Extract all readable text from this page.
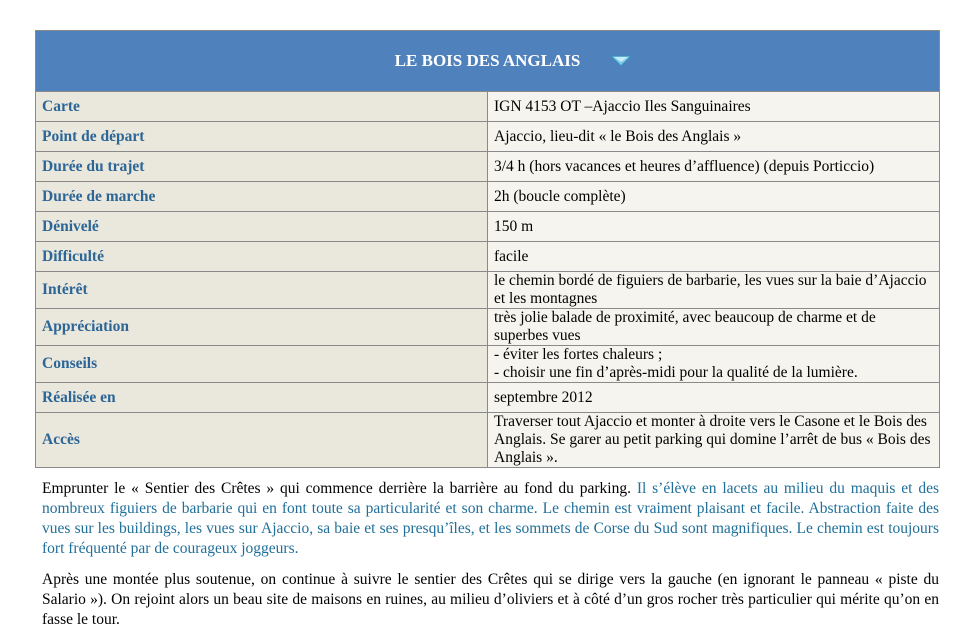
LE BOIS DES ANGLAIS	

Carte	IGN 4153 OT –Ajaccio Iles Sanguinaires
Point de départ	Ajaccio, lieu-dit « le Bois des Anglais »
Durée du trajet	3/4 h (hors vacances et heures d’affluence) (depuis Porticcio)
Durée de marche	2h (boucle complète)
Dénivelé	150 m
Difficulté	facile
Intérêt	le chemin bordé de figuiers de barbarie, les vues sur la baie d’Ajaccio et les montagnes
Appréciation	très jolie balade de proximité, avec beaucoup de charme et de superbes vues
Conseils	- éviter les fortes chaleurs ;
- choisir une fin d’après-midi pour la qualité de la lumière.

Réalisée en	septembre 2012
Accès	Traverser tout Ajaccio et monter à droite vers le Casone et le Bois des Anglais. Se garer au petit parking qui domine l’arrêt de bus « Bois des Anglais ».

Emprunter le « Sentier des Crêtes » qui commence derrière la barrière au fond du parking. Il s’élève en lacets au milieu du maquis et des nombreux figuiers de barbarie qui en font toute sa particularité et son charme. Le chemin est vraiment plaisant et facile. Abstraction faite des vues sur les buildings, les vues sur Ajaccio, sa baie et ses presqu’îles, et les sommets de Corse du Sud sont magnifiques. Le chemin est toujours fort fréquenté par de courageux joggeurs.

Après une montée plus soutenue, on continue à suivre le sentier des Crêtes qui se dirige vers la gauche (en ignorant le panneau « piste du Salario »). On rejoint alors un beau site de maisons en ruines, au milieu d’oliviers et à côté d’un gros rocher très particulier qui mérite qu’on en fasse le tour.
